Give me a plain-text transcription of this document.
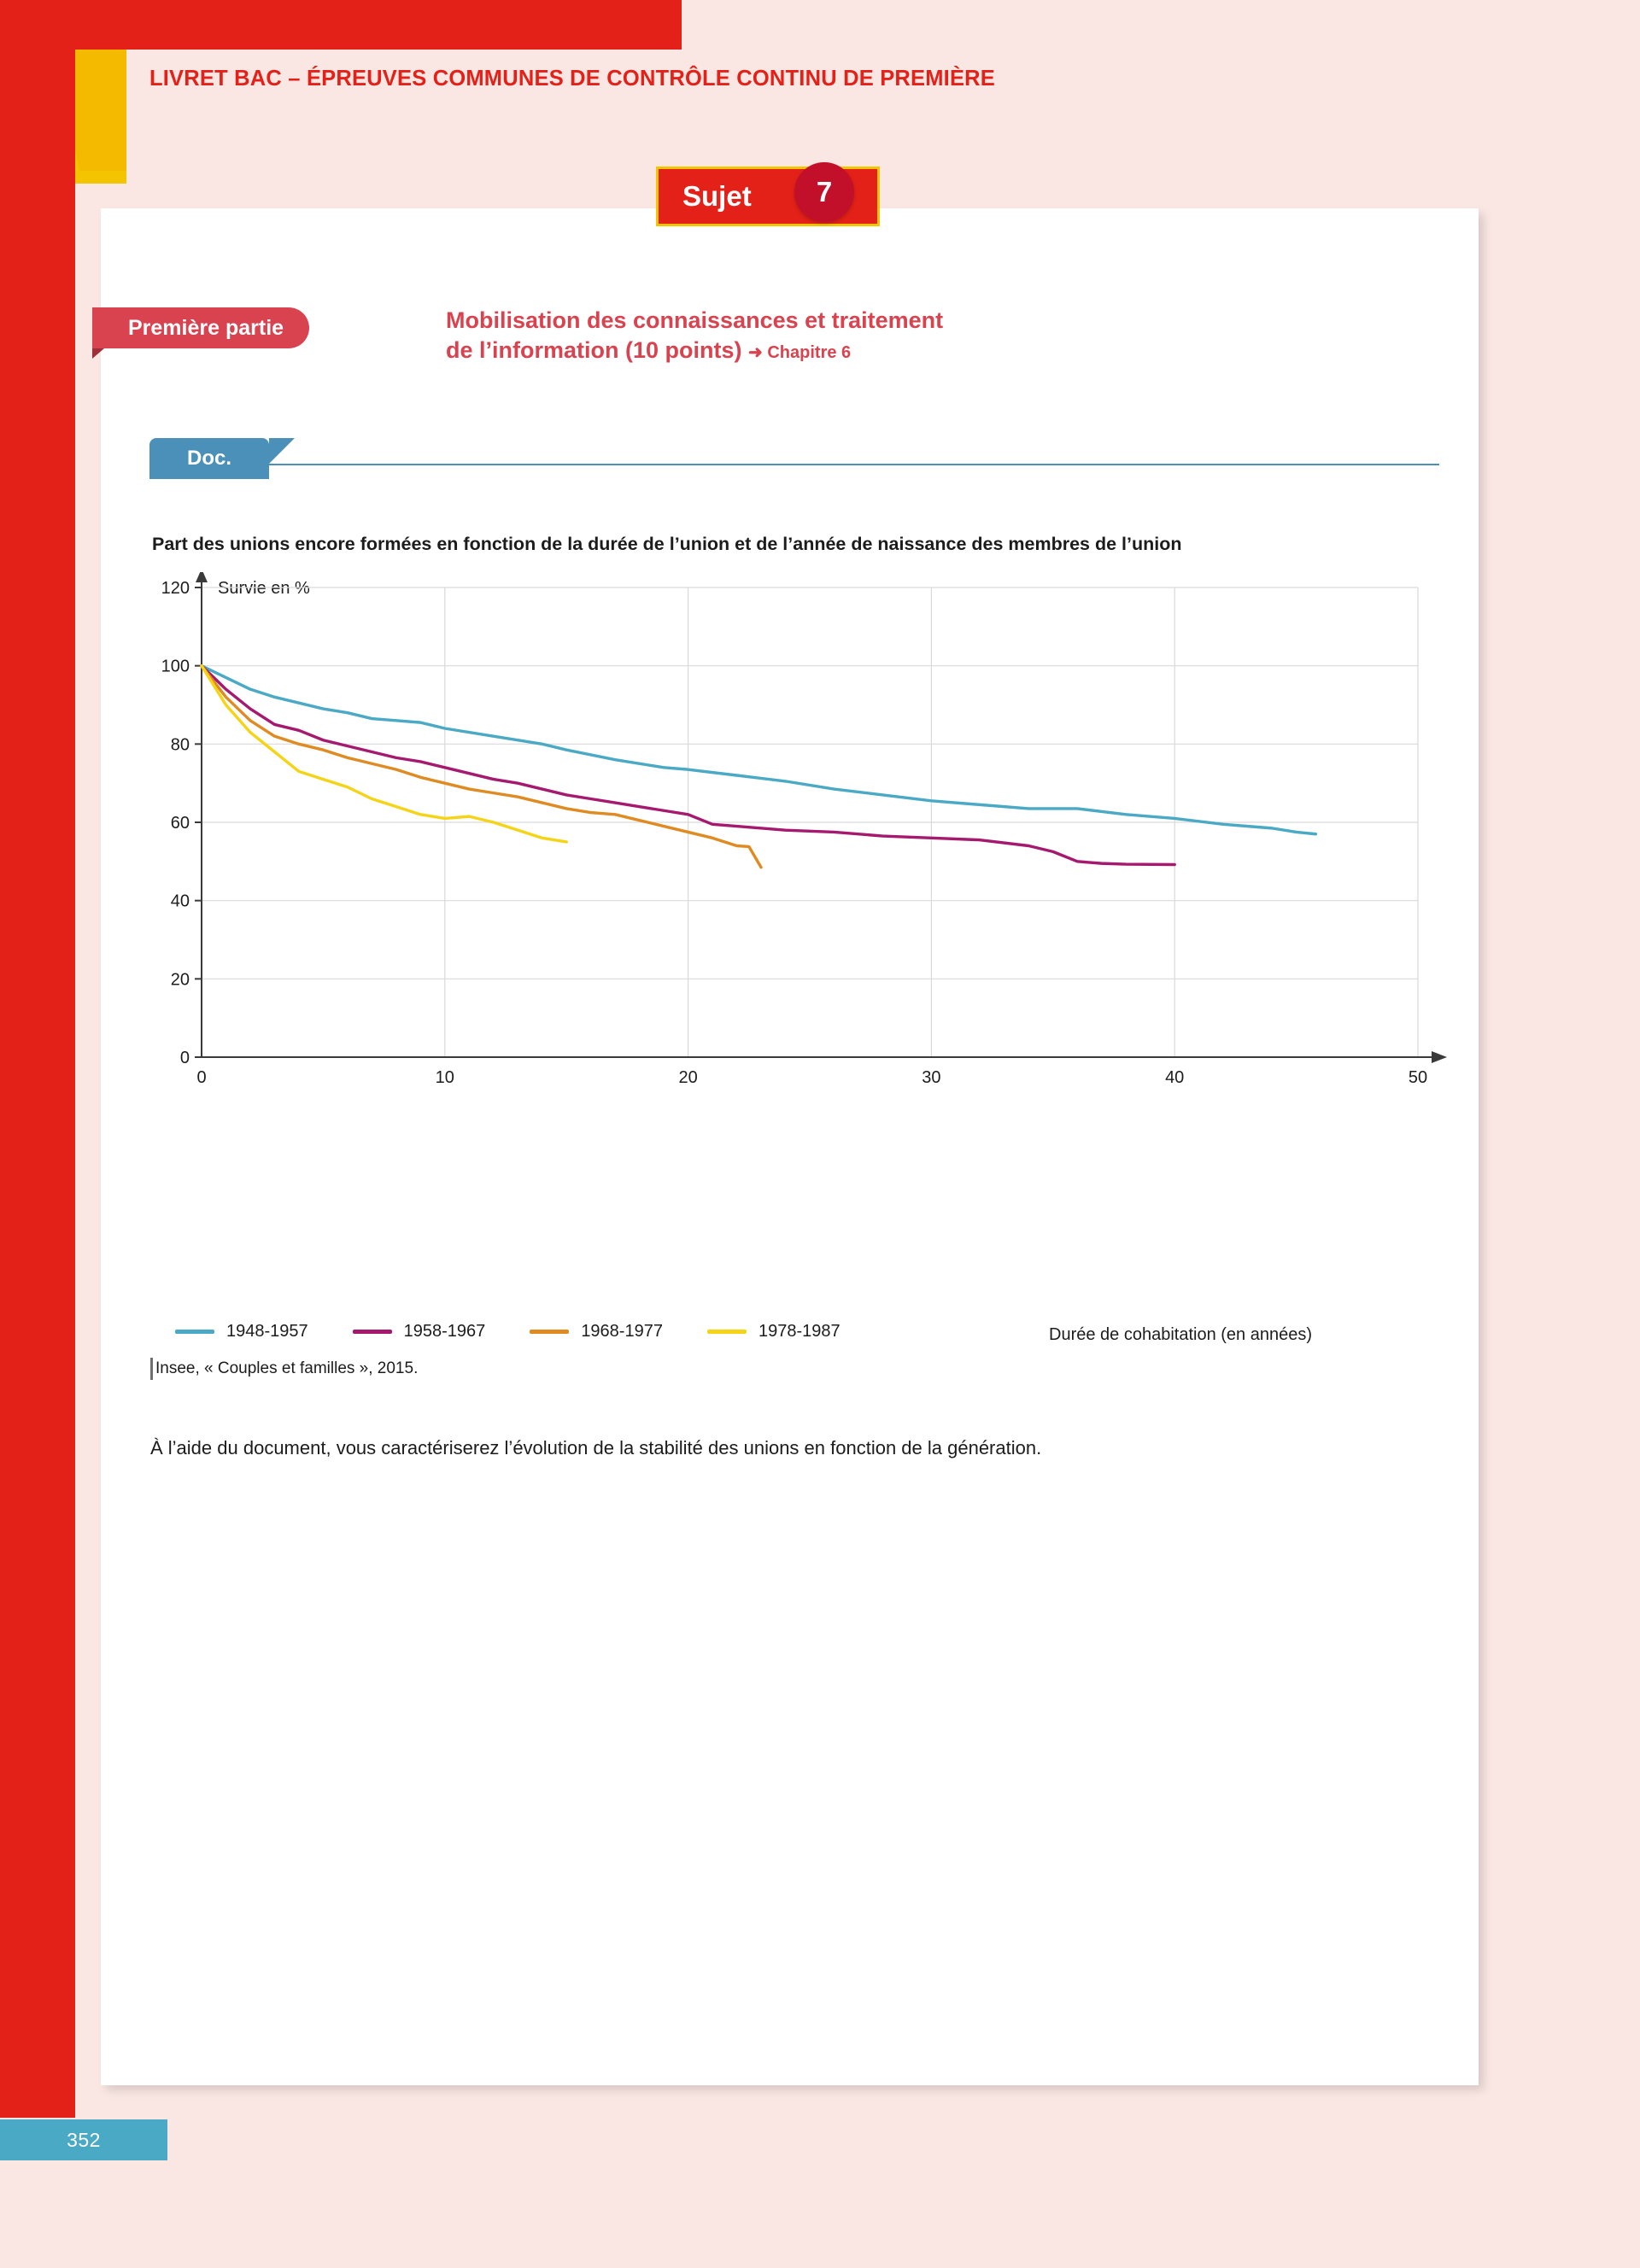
LIVRET BAC – ÉPREUVES COMMUNES DE CONTRÔLE CONTINU DE PREMIÈRE
Sujet	7
Première partie	Mobilisation des connaissances et traitement
de l’information (10 points) ➜ Chapitre 6
Doc.
Part des unions encore formées en fonction de la durée de l’union et de l’année de naissance des membres de l’union
Survie en %
Durée de cohabitation (en années)
0
20
40
60
80
100
120
0	10	20	30	40	50
1948-1957	1958-1967	1968-1977	1978-1987
Insee, « Couples et familles », 2015.
À l’aide du document, vous caractériserez l’évolution de la stabilité des unions en fonction de la génération.
352
